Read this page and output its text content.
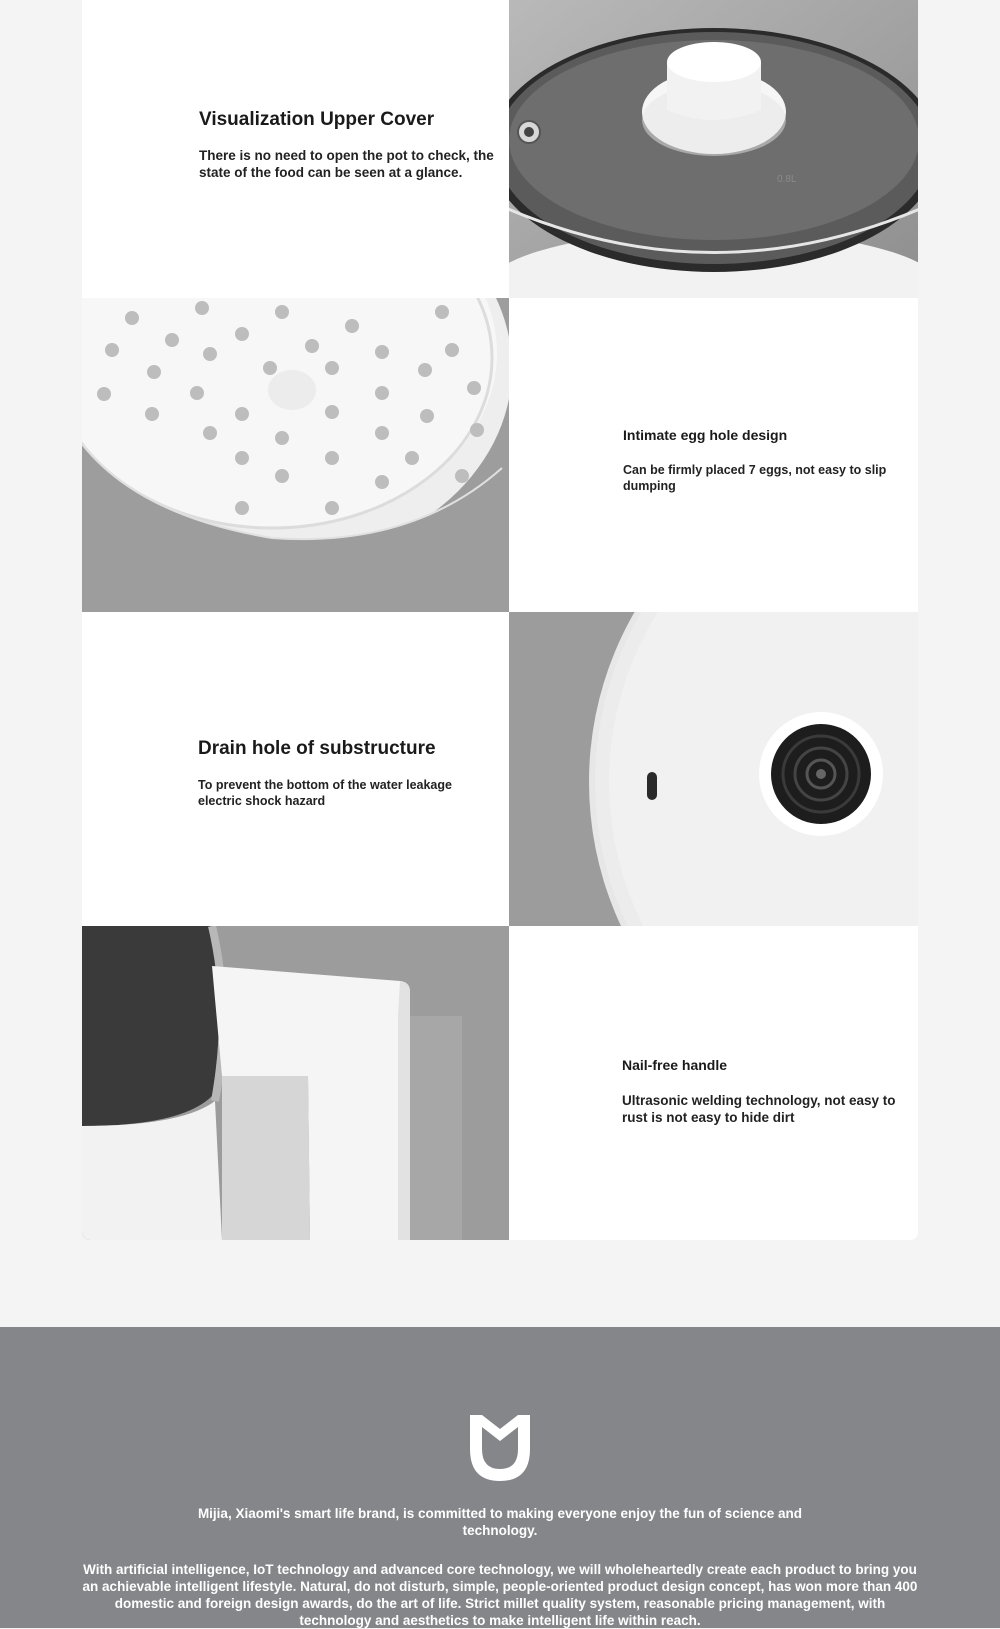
Visualization Upper Cover

There is no need to open the pot to check, the state of the food can be seen at a glance.	0.8L
Intimate egg hole design

Can be firmly placed 7 eggs, not easy to slip dumping

Drain hole of substructure

To prevent the bottom of the water leakage electric shock hazard

Nail-free handle

Ultrasonic welding technology, not easy to rust is not easy to hide dirt

Mijia, Xiaomi's smart life brand, is committed to making everyone enjoy the fun of science and technology.

With artificial intelligence, IoT technology and advanced core technology, we will wholeheartedly create each product to bring you an achievable intelligent lifestyle. Natural, do not disturb, simple, people-oriented product design concept, has won more than 400 domestic and foreign design awards, do the art of life. Strict millet quality system, reasonable pricing management, with technology and aesthetics to make intelligent life within reach.
